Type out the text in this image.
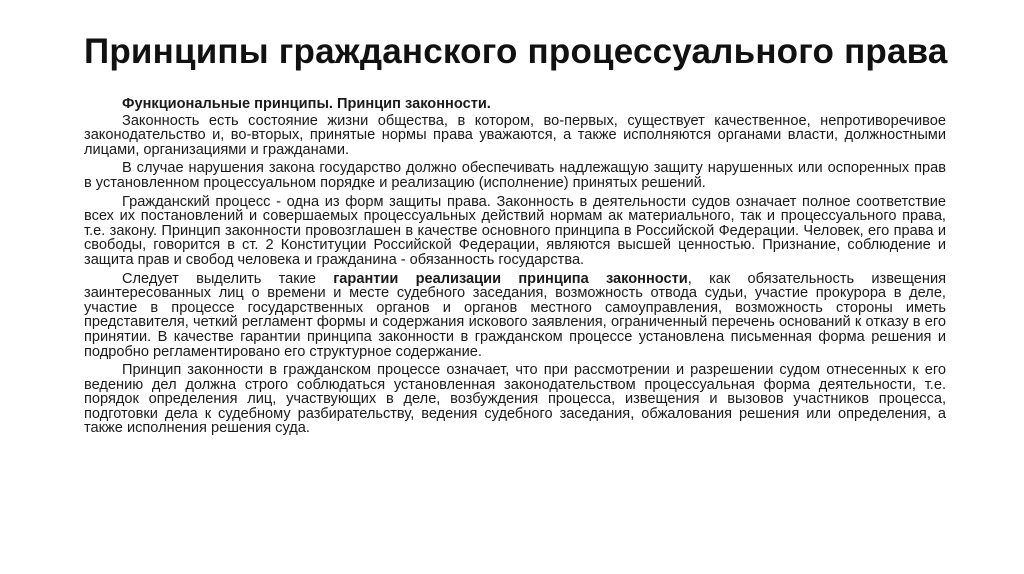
Принципы гражданского процессуального права
Функциональные принципы. Принцип законности.

Законность есть состояние жизни общества, в котором, во-первых, существует качественное, непротиворечивое законодательство и, во-вторых, принятые нормы права уважаются, а также исполняются органами власти, должностными лицами, организациями и гражданами.

В случае нарушения закона государство должно обеспечивать надлежащую защиту нарушенных или оспоренных прав в установленном процессуальном порядке и реализацию (исполнение) принятых решений.

Гражданский процесс - одна из форм защиты права. Законность в деятельности судов означает полное соответствие всех их постановлений и совершаемых процессуальных действий нормам ак материального, так и процессуального права, т.е. закону. Принцип законности провозглашен в качестве основного принципа в Российской Федерации. Человек, его права и свободы, говорится в ст. 2 Конституции Российской Федерации, являются высшей ценностью. Признание, соблюдение и защита прав и свобод человека и гражданина - обязанность государства.

Следует выделить такие гарантии реализации принципа законности, как обязательность извещения заинтересованных лиц о времени и месте судебного заседания, возможность отвода судьи, участие прокурора в деле, участие в процессе государственных органов и органов местного самоуправления, возможность стороны иметь представителя, четкий регламент формы и содержания искового заявления, ограниченный перечень оснований к отказу в его принятии. В качестве гарантии принципа законности в гражданском процессе установлена письменная форма решения и подробно регламентировано его структурное содержание.

Принцип законности в гражданском процессе означает, что при рассмотрении и разрешении судом отнесенных к его ведению дел должна строго соблюдаться установленная законодательством процессуальная форма деятельности, т.е. порядок определения лиц, участвующих в деле, возбуждения процесса, извещения и вызовов участников процесса, подготовки дела к судебному разбирательству, ведения судебного заседания, обжалования решения или определения, а также исполнения решения суда.
